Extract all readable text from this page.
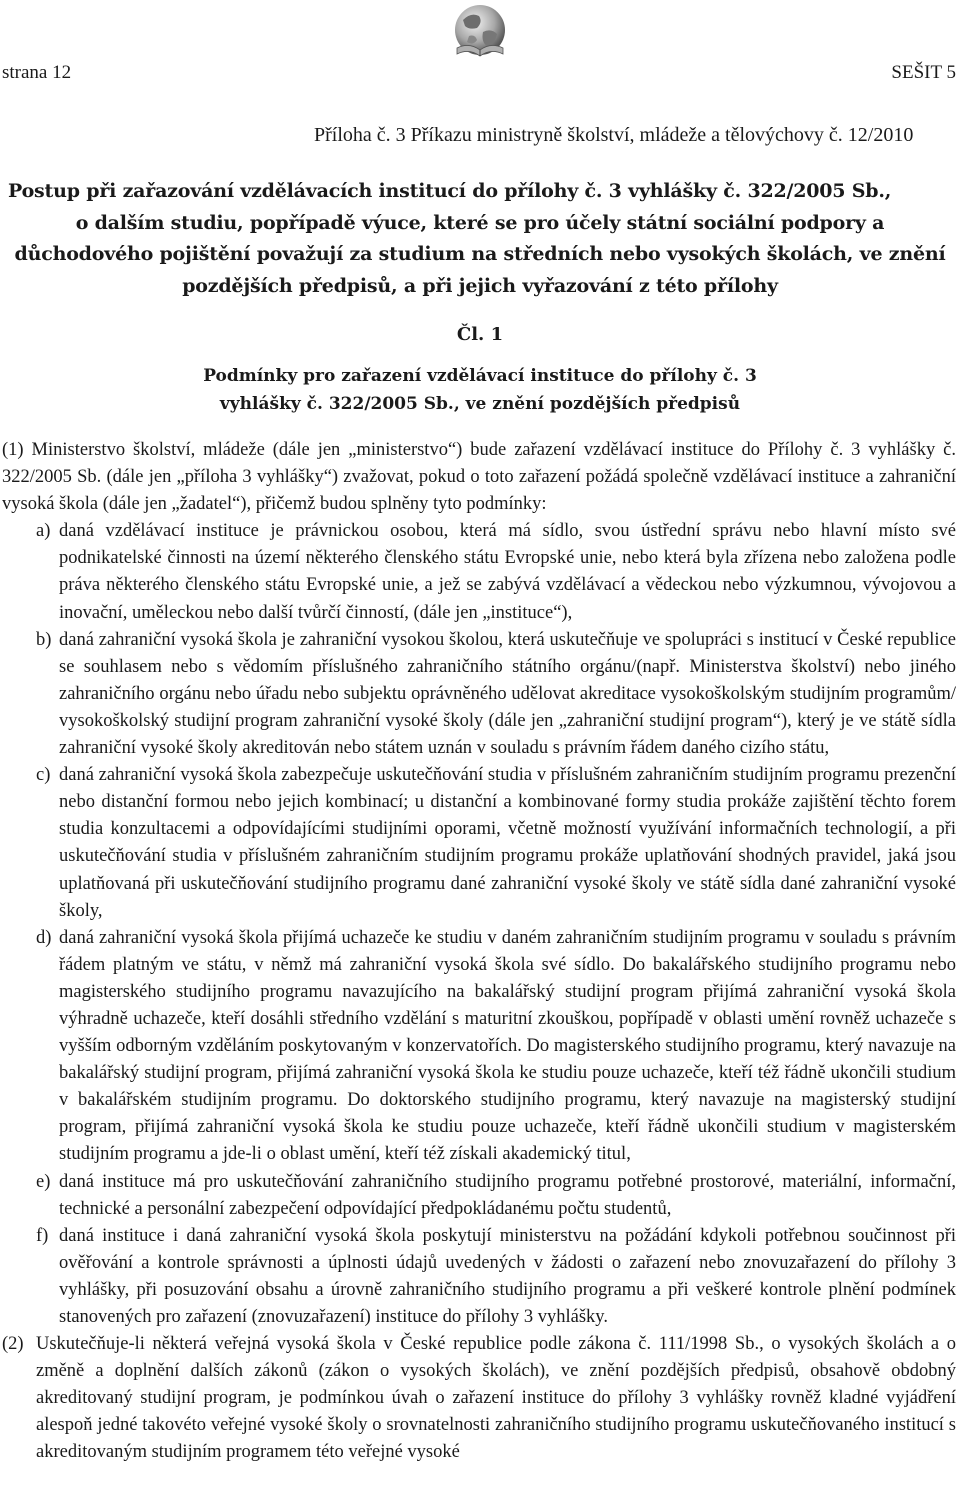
strana 12	SEŠIT 5
Příloha č. 3 Příkazu ministryně školství, mládeže a tělovýchovy č. 12/2010
Postup při zařazování vzdělávacích institucí do přílohy č. 3 vyhlášky č. 322/2005 Sb.,
o dalším studiu, popřípadě výuce, které se pro účely státní sociální podpory a důchodového pojištění považují za studium na středních nebo vysokých školách, ve znění pozdějších předpisů, a při jejich vyřazování z této přílohy
Čl. 1
Podmínky pro zařazení vzdělávací instituce do přílohy č. 3 vyhlášky č. 322/2005 Sb., ve znění pozdějších předpisů

(1) Ministerstvo školství, mládeže (dále jen „ministerstvo“) bude zařazení vzdělávací instituce do Přílohy č. 3 vyhlášky č. 322/2005 Sb. (dále jen „příloha 3 vyhlášky“) zvažovat, pokud o toto zařazení požádá společně vzdělávací instituce a zahraniční vysoká škola (dále jen „žadatel“), přičemž budou splněny tyto podmínky:

a) daná vzdělávací instituce je právnickou osobou, která má sídlo, svou ústřední správu nebo hlavní místo své podnikatelské činnosti na území některého členského státu Evropské unie, nebo která byla zřízena nebo založena podle práva některého členského státu Evropské unie, a jež se zabývá vzdělávací a vědeckou nebo výzkumnou, vývojovou a inovační, uměleckou nebo další tvůrčí činností, (dále jen „instituce“),

b) daná zahraniční vysoká škola je zahraniční vysokou školou, která uskutečňuje ve spolupráci s institucí v České republice se souhlasem nebo s vědomím příslušného zahraničního státního orgánu/(např. Ministerstva školství) nebo jiného zahraničního orgánu nebo úřadu nebo subjektu oprávněného udělovat akreditace vysokoškolským studijním programům/ vysokoškolský studijní program zahraniční vysoké školy (dále jen „zahraniční studijní program“), který je ve státě sídla zahraniční vysoké školy akreditován nebo státem uznán v souladu s právním řádem daného cizího státu,

c) daná zahraniční vysoká škola zabezpečuje uskutečňování studia v příslušném zahraničním studijním programu prezenční nebo distanční formou nebo jejich kombinací; u distanční a kombinované formy studia prokáže zajištění těchto forem studia konzultacemi a odpovídajícími studijními oporami, včetně možností využívání informačních technologií, a při uskutečňování studia v příslušném zahraničním studijním programu prokáže uplatňování shodných pravidel, jaká jsou uplatňovaná při uskutečňování studijního programu dané zahraniční vysoké školy ve státě sídla dané zahraniční vysoké školy,

d) daná zahraniční vysoká škola přijímá uchazeče ke studiu v daném zahraničním studijním programu v souladu s právním řádem platným ve státu, v němž má zahraniční vysoká škola své sídlo. Do bakalářského studijního programu nebo magisterského studijního programu navazujícího na bakalářský studijní program přijímá zahraniční vysoká škola výhradně uchazeče, kteří dosáhli středního vzdělání s maturitní zkouškou, popřípadě v oblasti umění rovněž uchazeče s vyšším odborným vzděláním poskytovaným v konzervatořích. Do magisterského studijního programu, který navazuje na bakalářský studijní program, přijímá zahraniční vysoká škola ke studiu pouze uchazeče, kteří též řádně ukončili studium v bakalářském studijním programu. Do doktorského studijního programu, který navazuje na magisterský studijní program, přijímá zahraniční vysoká škola ke studiu pouze uchazeče, kteří řádně ukončili studium v magisterském studijním programu a jde-li o oblast umění, kteří též získali akademický titul,

e) daná instituce má pro uskutečňování zahraničního studijního programu potřebné prostorové, materiální, informační, technické a personální zabezpečení odpovídající předpokládanému počtu studentů,

f) daná instituce i daná zahraniční vysoká škola poskytují ministerstvu na požádání kdykoli potřebnou součinnost při ověřování a kontrole správnosti a úplnosti údajů uvedených v žádosti o zařazení nebo znovuzařazení do přílohy 3 vyhlášky, při posuzování obsahu a úrovně zahraničního studijního programu a při veškeré kontrole plnění podmínek stanovených pro zařazení (znovuzařazení) instituce do přílohy 3 vyhlášky.

(2) Uskutečňuje-li některá veřejná vysoká škola v České republice podle zákona č. 111/1998 Sb., o vysokých školách a o změně a doplnění dalších zákonů (zákon o vysokých školách), ve znění pozdějších předpisů, obsahově obdobný akreditovaný studijní program, je podmínkou úvah o zařazení instituce do přílohy 3 vyhlášky rovněž kladné vyjádření alespoň jedné takovéto veřejné vysoké školy o srovnatelnosti zahraničního studijního programu uskutečňovaného institucí s akreditovaným studijním programem této veřejné vysoké
